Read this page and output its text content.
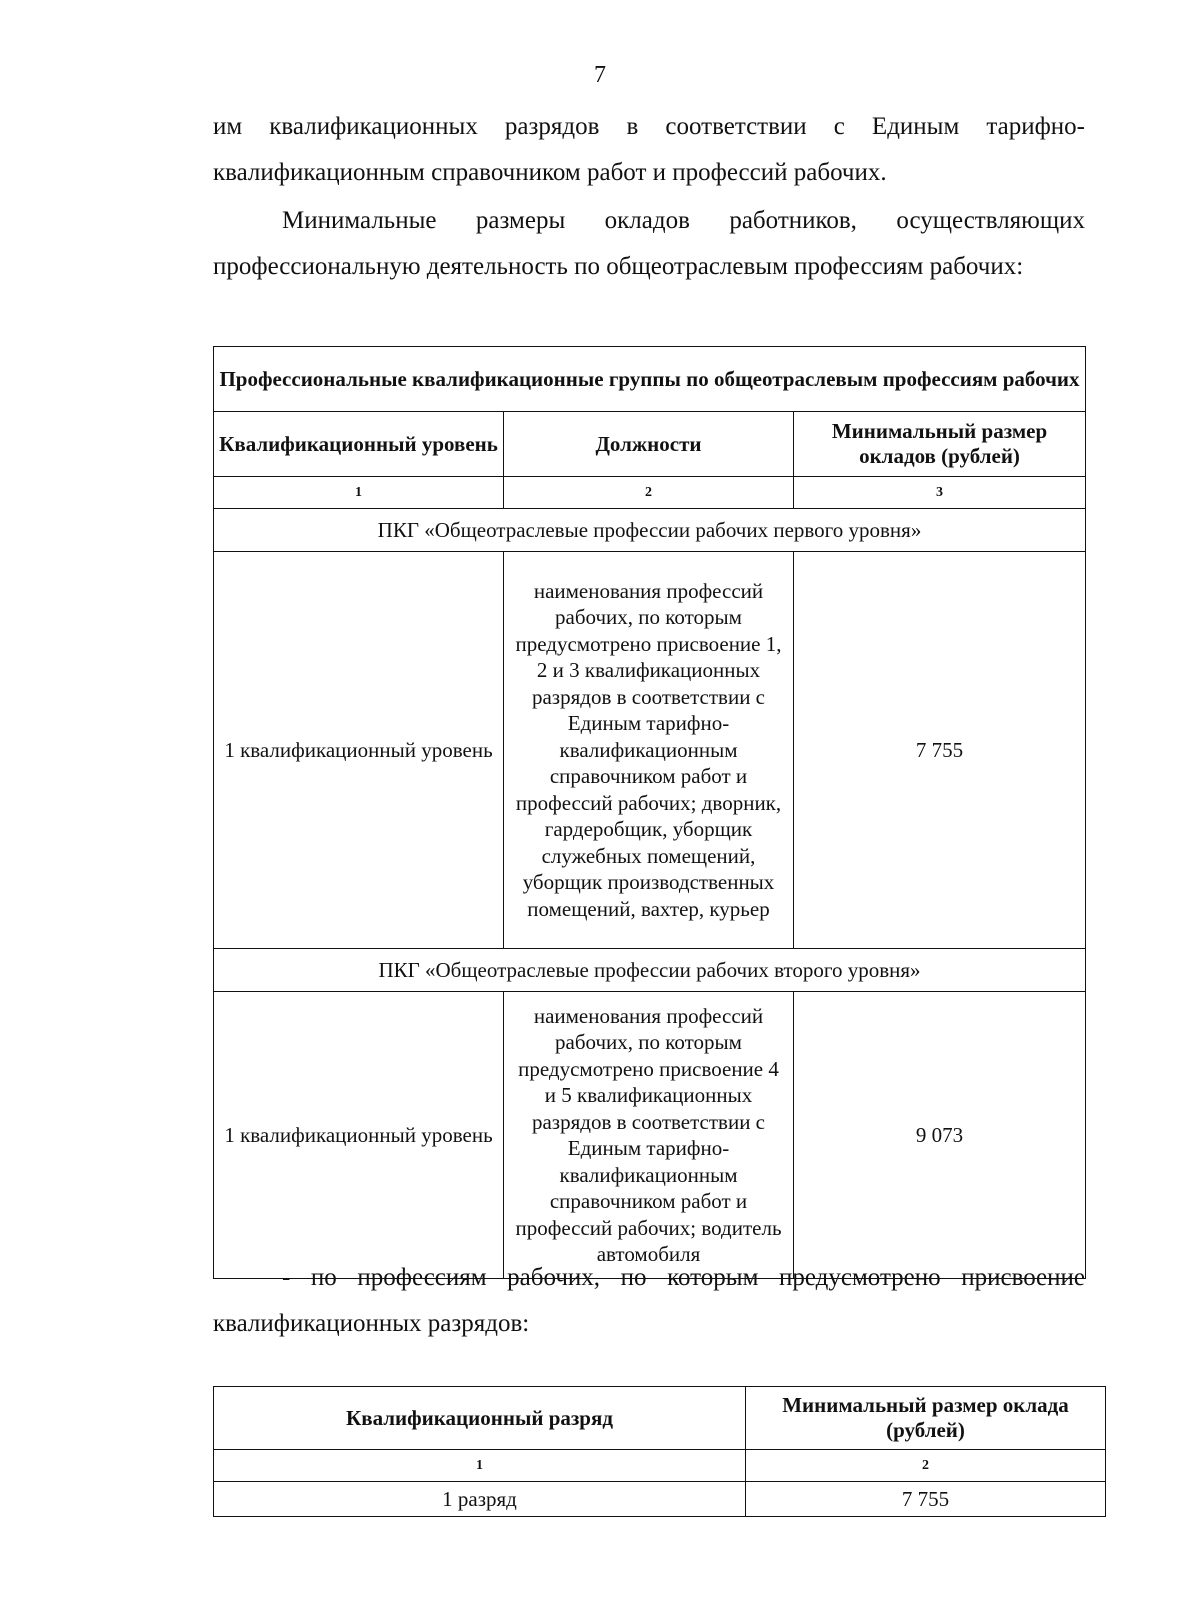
7
им квалификационных разрядов в соответствии с Единым тарифно-квалификационным справочником работ и профессий рабочих.
Минимальные размеры окладов работников, осуществляющих профессиональную деятельность по общеотраслевым профессиям рабочих:
Профессиональные квалификационные группы по общеотраслевым профессиям рабочих		
Квалификационный уровень	Должности	Минимальный размер окладов (рублей)
1	2	3
ПКГ «Общеотраслевые профессии рабочих первого уровня»		
1 квалификационный уровень	наименования профессий рабочих, по которым предусмотрено присвоение 1, 2 и 3 квалификационных разрядов в соответствии с Единым тарифно-квалификационным справочником работ и профессий рабочих; дворник, гардеробщик, уборщик служебных помещений, уборщик производственных помещений, вахтер, курьер	7 755
ПКГ «Общеотраслевые профессии рабочих второго уровня»		
1 квалификационный уровень	наименования профессий рабочих, по которым предусмотрено присвоение 4 и 5 квалификационных разрядов в соответствии с Единым тарифно-квалификационным справочником работ и профессий рабочих; водитель автомобиля	9 073
- по профессиям рабочих, по которым предусмотрено присвоение квалификационных разрядов:
Квалификационный разряд	Минимальный размер оклада (рублей)
1	2
1 разряд	7 755
